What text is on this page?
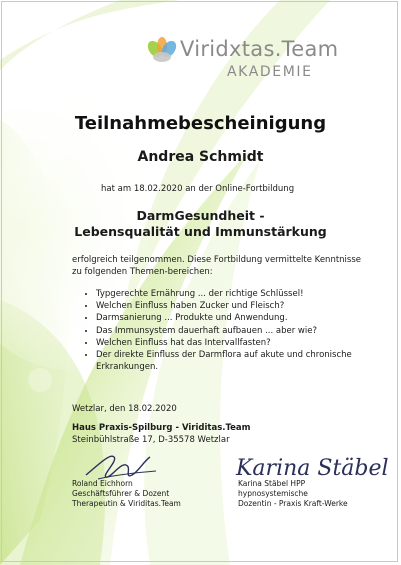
Viridxtas.Team
AKADEMIE
Teilnahmebescheinigung
Andrea Schmidt
hat am 18.02.2020 an der Online-Fortbildung
DarmGesundheit -
Lebensqualität und Immunstärkung
erfolgreich teilgenommen. Diese Fortbildung vermittelte Kenntnisse zu folgenden Themen-bereichen:
• Typgerechte Ernährung ... der richtige Schlüssel!
• Welchen Einfluss haben Zucker und Fleisch?
• Darmsanierung ... Produkte und Anwendung.
• Das Immunsystem dauerhaft aufbauen ... aber wie?
• Welchen Einfluss hat das Intervallfasten?
• Der direkte Einfluss der Darmflora auf akute und chronische Erkrankungen.
Wetzlar, den 18.02.2020
Haus Praxis-Spilburg - Viriditas.Team
Steinbühlstraße 17, D-35578 Wetzlar
Karina Stäbel
Roland Eichhorn
Geschäftsführer & Dozent
Therapeutin & Viriditas.Team
Karina Stäbel HPP
hypnosystemische
Dozentin - Praxis Kraft-Werke
